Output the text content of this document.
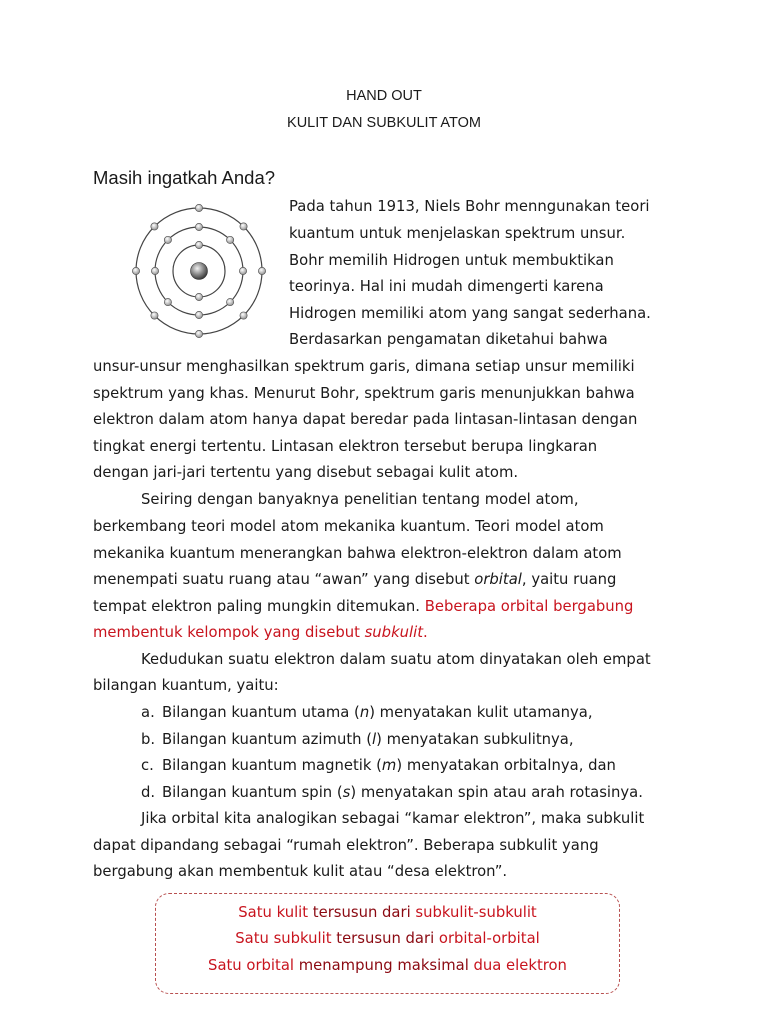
HAND OUT
KULIT DAN SUBKULIT ATOM
Masih ingatkah Anda?
Pada tahun 1913, Niels Bohr menngunakan teori
kuantum untuk menjelaskan spektrum unsur.
Bohr memilih Hidrogen untuk membuktikan
teorinya. Hal ini mudah dimengerti karena
Hidrogen memiliki atom yang sangat sederhana.
Berdasarkan pengamatan diketahui bahwa
unsur-unsur menghasilkan spektrum garis, dimana setiap unsur memiliki
spektrum yang khas. Menurut Bohr, spektrum garis menunjukkan bahwa
elektron dalam atom hanya dapat beredar pada lintasan-lintasan dengan
tingkat energi tertentu. Lintasan elektron tersebut berupa lingkaran
dengan jari-jari tertentu yang disebut sebagai kulit atom.
Seiring dengan banyaknya penelitian tentang model atom,
berkembang teori model atom mekanika kuantum. Teori model atom
mekanika kuantum menerangkan bahwa elektron-elektron dalam atom
menempati suatu ruang atau “awan” yang disebut orbital, yaitu ruang
tempat elektron paling mungkin ditemukan. Beberapa orbital bergabung
membentuk kelompok yang disebut subkulit.
Kedudukan suatu elektron dalam suatu atom dinyatakan oleh empat
bilangan kuantum, yaitu:
a. Bilangan kuantum utama (n) menyatakan kulit utamanya,
b. Bilangan kuantum azimuth (l) menyatakan subkulitnya,
c. Bilangan kuantum magnetik (m) menyatakan orbitalnya, dan
d. Bilangan kuantum spin (s) menyatakan spin atau arah rotasinya.
Jika orbital kita analogikan sebagai “kamar elektron”, maka subkulit
dapat dipandang sebagai “rumah elektron”. Beberapa subkulit yang
bergabung akan membentuk kulit atau “desa elektron”.
Satu kulit tersusun dari subkulit-subkulit
Satu subkulit tersusun dari orbital-orbital
Satu orbital menampung maksimal dua elektron
